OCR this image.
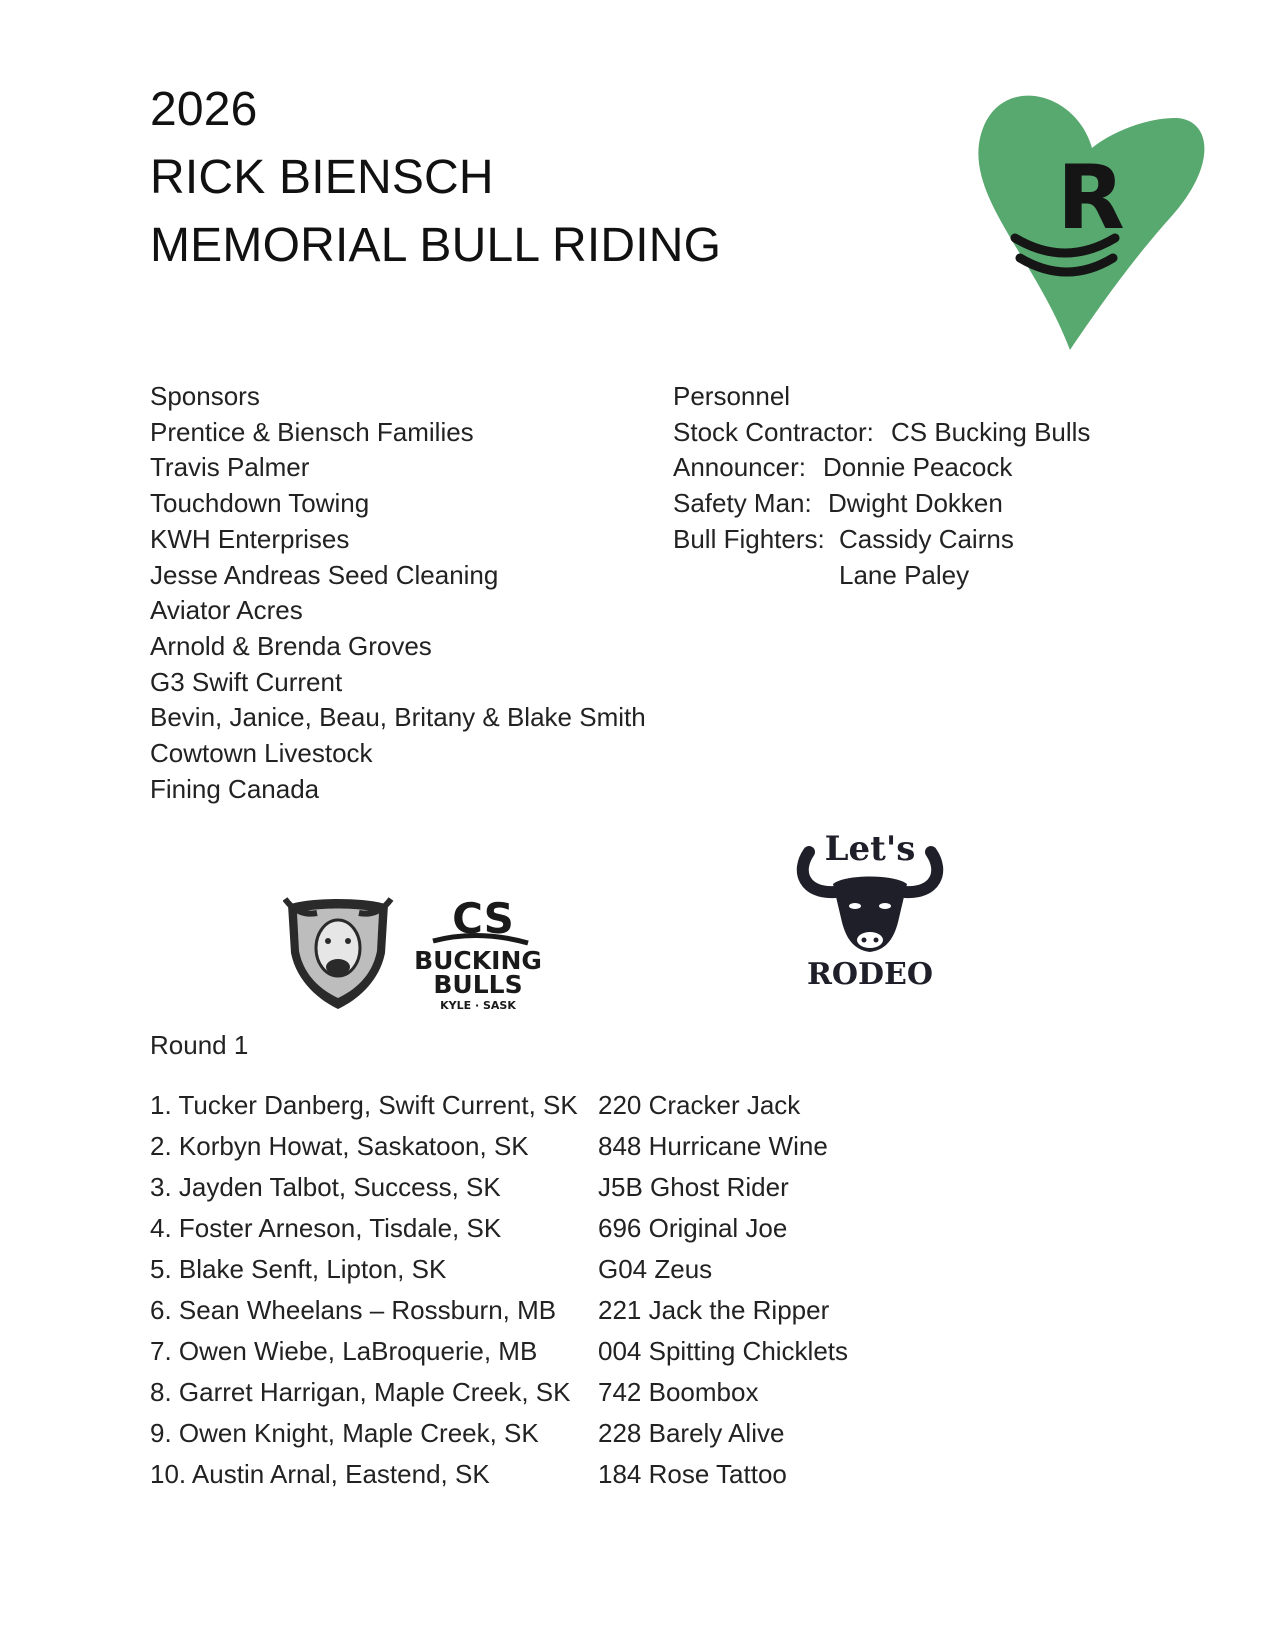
2026
RICK BIENSCH
MEMORIAL BULL RIDING	R
Sponsors
Prentice & Biensch Families
Travis Palmer
Touchdown Towing
KWH Enterprises
Jesse Andreas Seed Cleaning
Aviator Acres
Arnold & Brenda Groves
G3 Swift Current
Bevin, Janice, Beau, Britany & Blake Smith
Cowtown Livestock
Fining Canada
Personnel
Stock Contractor: CS Bucking Bulls
Announcer: Donnie Peacock
Safety Man: Dwight Dokken
Bull Fighters: Cassidy Cairns
Lane Paley
CS
BUCKING
BULLS
KYLE · SASK
Let's
RODEO
Round 1
1. Tucker Danberg, Swift Current, SK 220 Cracker Jack
2. Korbyn Howat, Saskatoon, SK	848 Hurricane Wine
3. Jayden Talbot, Success, SK	J5B Ghost Rider
4. Foster Arneson, Tisdale, SK	696 Original Joe
5. Blake Senft, Lipton, SK	G04 Zeus
6. Sean Wheelans – Rossburn, MB 221 Jack the Ripper
7. Owen Wiebe, LaBroquerie, MB 004 Spitting Chicklets
8. Garret Harrigan, Maple Creek, SK 742 Boombox
9. Owen Knight, Maple Creek, SK 228 Barely Alive
10. Austin Arnal, Eastend, SK	184 Rose Tattoo
